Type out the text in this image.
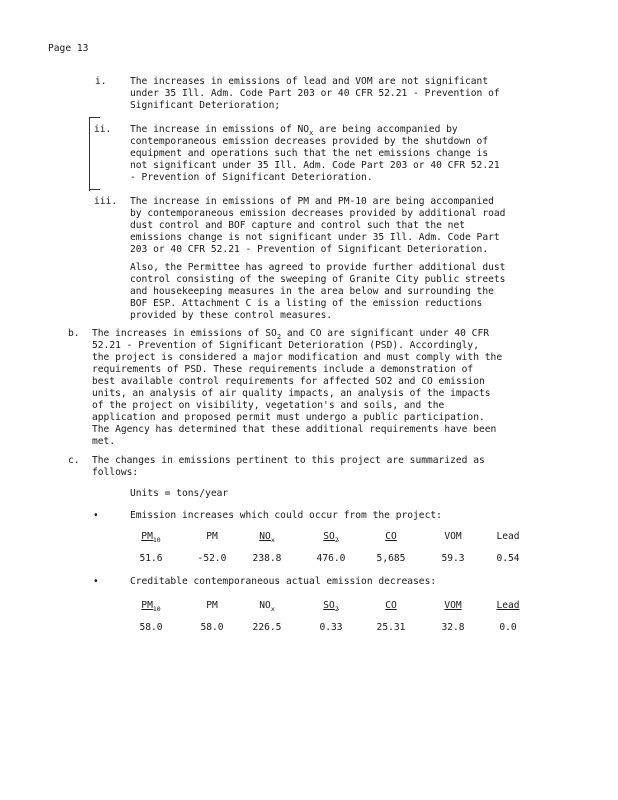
Page 13
i. The increases in emissions of lead and VOM are not significant
under 35 Ill. Adm. Code Part 203 or 40 CFR 52.21 - Prevention of
Significant Deterioration;
ii. The increase in emissions of $NO_x$ are being accompanied by
contemporaneous emission decreases provided by the shutdown of
equipment and operations such that the net emissions change is
not significant under 35 Ill. Adm. Code Part 203 or 40 CFR 52.21
- Prevention of Significant Deterioration.
iii. The increase in emissions of PM and PM-10 are being accompanied
by contemporaneous emission decreases provided by additional road
dust control and BOF capture and control such that the net
emissions change is not significant under 35 Ill. Adm. Code Part
203 or 40 CFR 52.21 - Prevention of Significant Deterioration.
Also, the Permittee has agreed to provide further additional dust
control consisting of the sweeping of Granite City public streets
and housekeeping measures in the area below and surrounding the
BOF ESP. Attachment C is a listing of the emission reductions
provided by these control measures.
b. The increases in emissions of $SO_2$ and CO are significant under 40 CFR
52.21 - Prevention of Significant Deterioration (PSD). Accordingly,
the project is considered a major modification and must comply with the
requirements of PSD. These requirements include a demonstration of
best available control requirements for affected SO2 and CO emission
units, an analysis of air quality impacts, an analysis of the impacts
of the project on visibility, vegetation's and soils, and the
application and proposed permit must undergo a public participation.
The Agency has determined that these additional requirements have been
met.
c. The changes in emissions pertinent to this project are summarized as
follows:
Units = tons/year
•	Emission increases which could occur from the project:
$PM_{10}$	PM	$NO_x$	$SO_2$	CO	VOM	Lead
51.6	-52.0	238.8	476.0	5,685	59.3	0.54
•	Creditable contemporaneous actual emission decreases:
$PM_{10}$	PM	$NO_x$	$SO_2$	CO	VOM	Lead
58.0	58.0	226.5	0.33	25.31	32.8	0.0
